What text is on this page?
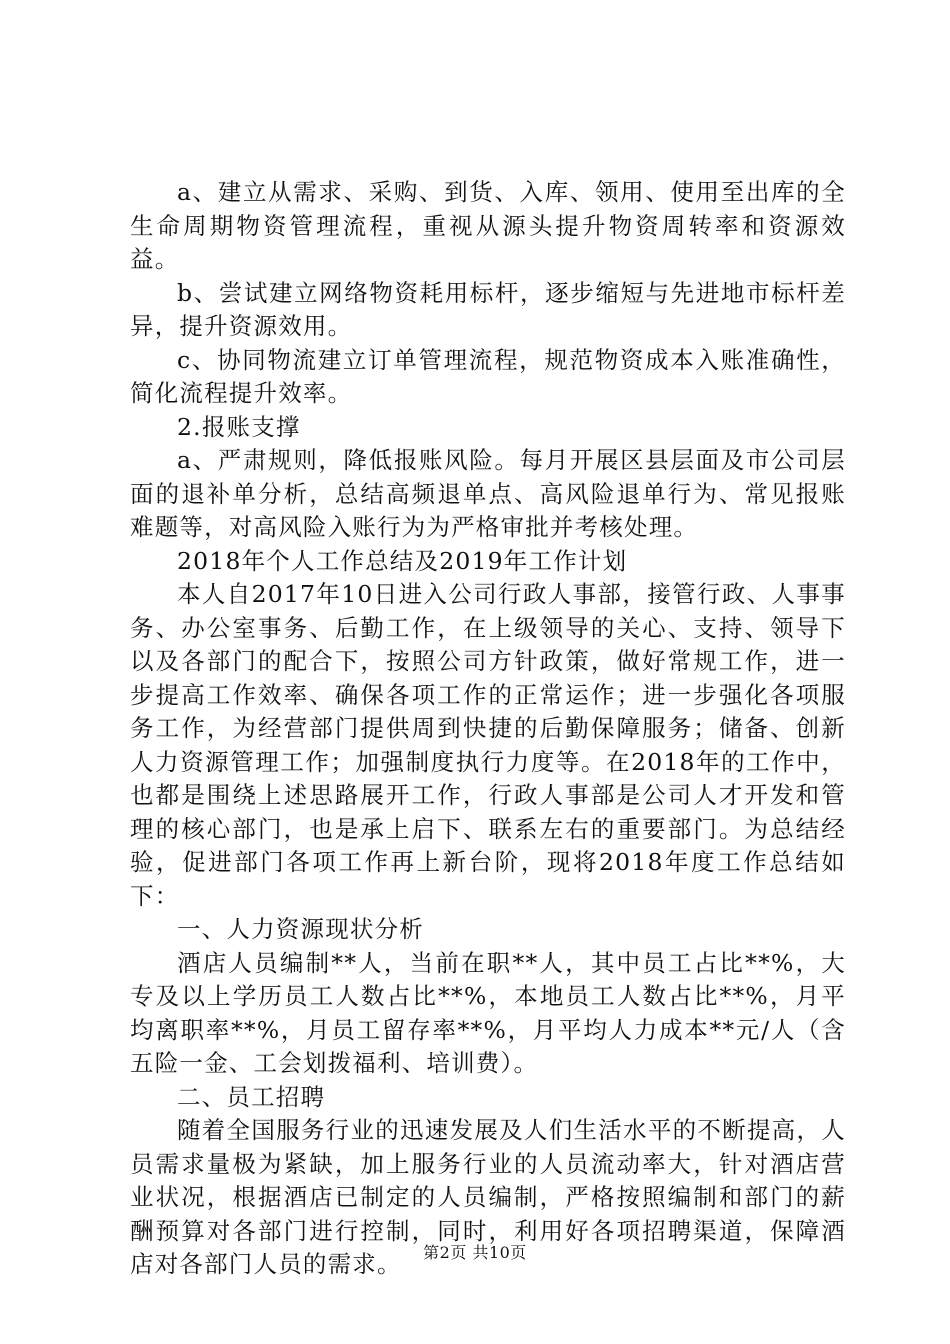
a、建立从需求、采购、到货、入库、领用、使用至出库的全生命周期物资管理流程，重视从源头提升物资周转率和资源效益。

b、尝试建立网络物资耗用标杆，逐步缩短与先进地市标杆差异，提升资源效用。

c、协同物流建立订单管理流程，规范物资成本入账准确性，简化流程提升效率。

2.报账支撑

a、严肃规则，降低报账风险。每月开展区县层面及市公司层面的退补单分析，总结高频退单点、高风险退单行为、常见报账难题等，对高风险入账行为为严格审批并考核处理。

2018年个人工作总结及2019年工作计划

本人自2017年10日进入公司行政人事部，接管行政、人事事务、办公室事务、后勤工作，在上级领导的关心、支持、领导下以及各部门的配合下，按照公司方针政策，做好常规工作，进一步提高工作效率、确保各项工作的正常运作；进一步强化各项服务工作，为经营部门提供周到快捷的后勤保障服务；储备、创新人力资源管理工作；加强制度执行力度等。在2018年的工作中，也都是围绕上述思路展开工作，行政人事部是公司人才开发和管理的核心部门，也是承上启下、联系左右的重要部门。为总结经验，促进部门各项工作再上新台阶，现将2018年度工作总结如下：

一、人力资源现状分析

酒店人员编制**人，当前在职**人，其中员工占比**%，大专及以上学历员工人数占比**%，本地员工人数占比**%，月平均离职率**%，月员工留存率**%，月平均人力成本**元/人（含五险一金、工会划拨福利、培训费）。

二、员工招聘

随着全国服务行业的迅速发展及人们生活水平的不断提高，人员需求量极为紧缺，加上服务行业的人员流动率大，针对酒店营业状况，根据酒店已制定的人员编制，严格按照编制和部门的薪酬预算对各部门进行控制，同时，利用好各项招聘渠道，保障酒店对各部门人员的需求。	第2页 共10页
